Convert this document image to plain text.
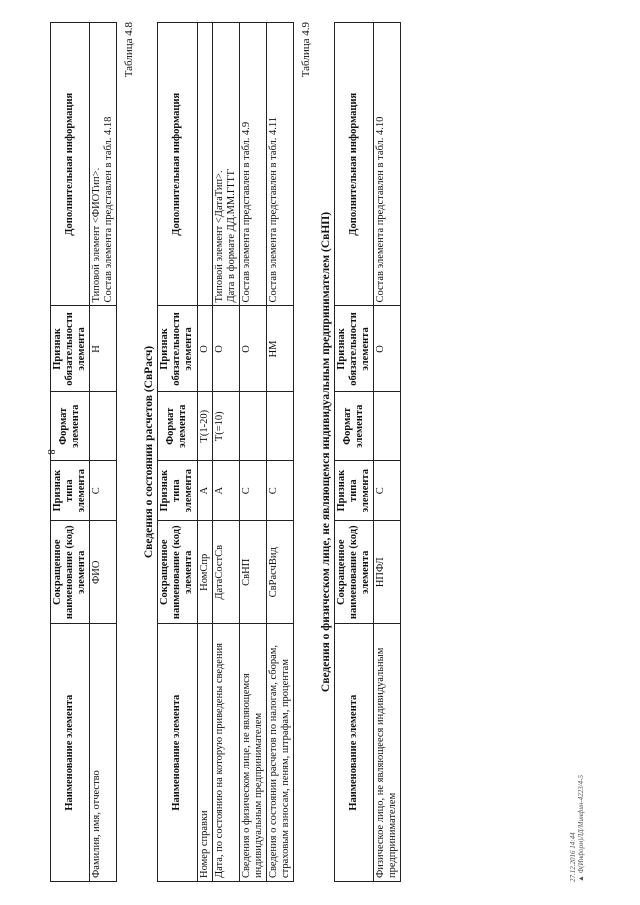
8
Наименование элемента	Сокращенное наименование (код) элемента	Признак типа элемента	Формат элемента	Признак обязательности элемента	Дополнительная информация
Фамилия, имя, отчество	ФИО	С		Н	Типовой элемент <ФИОТип>. Состав элемента представлен в табл. 4.18
Таблица 4.8
Сведения о состоянии расчетов (СвРасч)
Наименование элемента	Сокращенное наименование (код) элемента	Признак типа элемента	Формат элемента	Признак обязательности элемента	Дополнительная информация
Номер справки	НомСпр	А	T(1-20)	О	

Дата, по состоянию на которую приведены сведения	ДатаСостСв	А	T(=10)	О	Типовой элемент <ДатаТип>. Дата в формате ДД.ММ.ГГГГ

Сведения о физическом лице, не являющемся индивидуальным предпринимателем	СвНП	С		О	Состав элемента представлен в табл. 4.9

Сведения о состоянии расчетов по налогам, сборам, страховым взносам, пеням, штрафам, процентам	СвРасчВид	С		НМ	Состав элемента представлен в табл. 4.11
Таблица 4.9
Сведения о физическом лице, не являющемся индивидуальным предпринимателем (СвНП)
Наименование элемента	Сокращенное наименование (код) элемента	Признак типа элемента	Формат элемента	Признак обязательности элемента	Дополнительная информация
Физическое лицо, не являющееся индивидуальным предпринимателем	НПФЛ	С		О	Состав элемента представлен в табл. 4.10
27.12.2016 14:44 ▲ Ф(Информ)ЛД/Минфин-4223/4-5
